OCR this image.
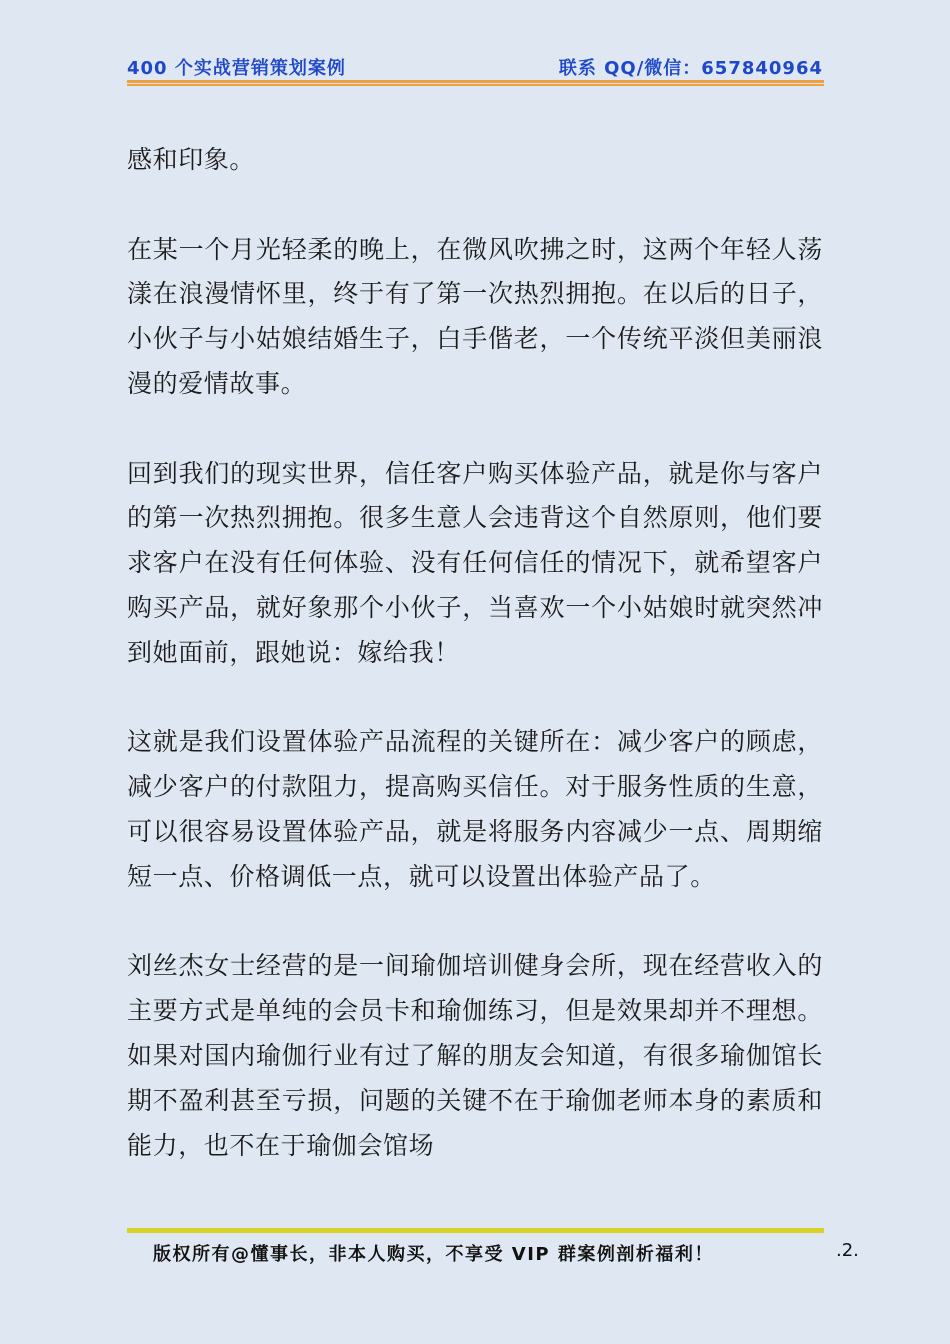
400 个实战营销策划案例	联系 QQ/微信：657840964

感和印象。

在某一个月光轻柔的晚上，在微风吹拂之时，这两个年轻人荡漾在浪漫情怀里，终于有了第一次热烈拥抱。在以后的日子，小伙子与小姑娘结婚生子，白手偕老，一个传统平淡但美丽浪漫的爱情故事。

回到我们的现实世界，信任客户购买体验产品，就是你与客户的第一次热烈拥抱。很多生意人会违背这个自然原则，他们要求客户在没有任何体验、没有任何信任的情况下，就希望客户购买产品，就好象那个小伙子，当喜欢一个小姑娘时就突然冲到她面前，跟她说：嫁给我！

这就是我们设置体验产品流程的关键所在：减少客户的顾虑，减少客户的付款阻力，提高购买信任。对于服务性质的生意，可以很容易设置体验产品，就是将服务内容减少一点、周期缩短一点、价格调低一点，就可以设置出体验产品了。

刘丝杰女士经营的是一间瑜伽培训健身会所，现在经营收入的主要方式是单纯的会员卡和瑜伽练习，但是效果却并不理想。如果对国内瑜伽行业有过了解的朋友会知道，有很多瑜伽馆长期不盈利甚至亏损，问题的关键不在于瑜伽老师本身的素质和能力，也不在于瑜伽会馆场

版权所有@懂事长，非本人购买，不享受 VIP 群案例剖析福利！	.2.
